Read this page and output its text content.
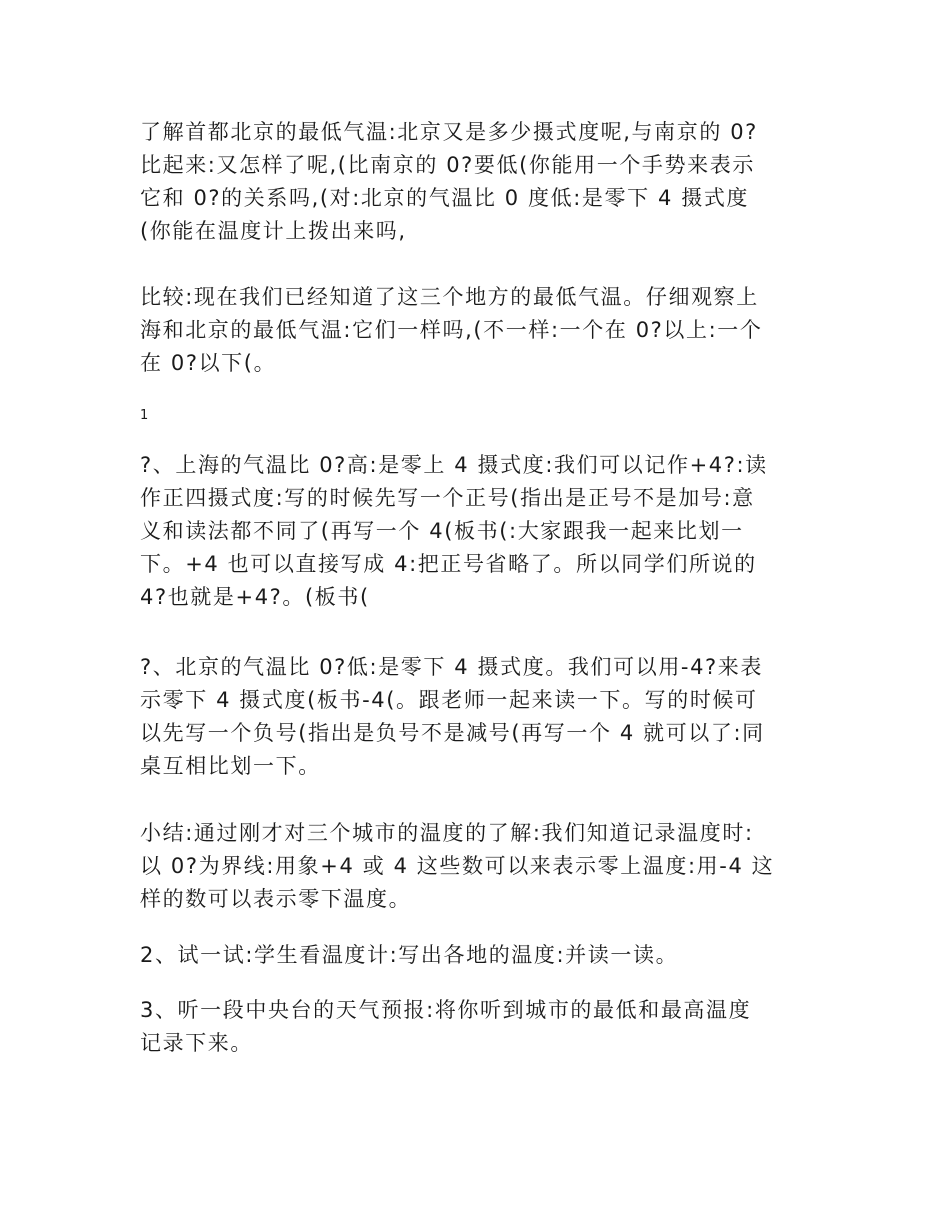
了解首都北京的最低气温:北京又是多少摄式度呢,与南京的 0?
比起来:又怎样了呢,(比南京的 0?要低(你能用一个手势来表示
它和 0?的关系吗,(对:北京的气温比 0 度低:是零下 4 摄式度
(你能在温度计上拨出来吗,

比较:现在我们已经知道了这三个地方的最低气温。仔细观察上
海和北京的最低气温:它们一样吗,(不一样:一个在 0?以上:一个
在 0?以下(。

1

?、上海的气温比 0?高:是零上 4 摄式度:我们可以记作+4?:读
作正四摄式度:写的时候先写一个正号(指出是正号不是加号:意
义和读法都不同了(再写一个 4(板书(:大家跟我一起来比划一
下。+4 也可以直接写成 4:把正号省略了。所以同学们所说的
4?也就是+4?。(板书(

?、北京的气温比 0?低:是零下 4 摄式度。我们可以用-4?来表
示零下 4 摄式度(板书-4(。跟老师一起来读一下。写的时候可
以先写一个负号(指出是负号不是减号(再写一个 4 就可以了:同
桌互相比划一下。

小结:通过刚才对三个城市的温度的了解:我们知道记录温度时:
以 0?为界线:用象+4 或 4 这些数可以来表示零上温度:用-4 这
样的数可以表示零下温度。

2、试一试:学生看温度计:写出各地的温度:并读一读。

3、听一段中央台的天气预报:将你听到城市的最低和最高温度
记录下来。
